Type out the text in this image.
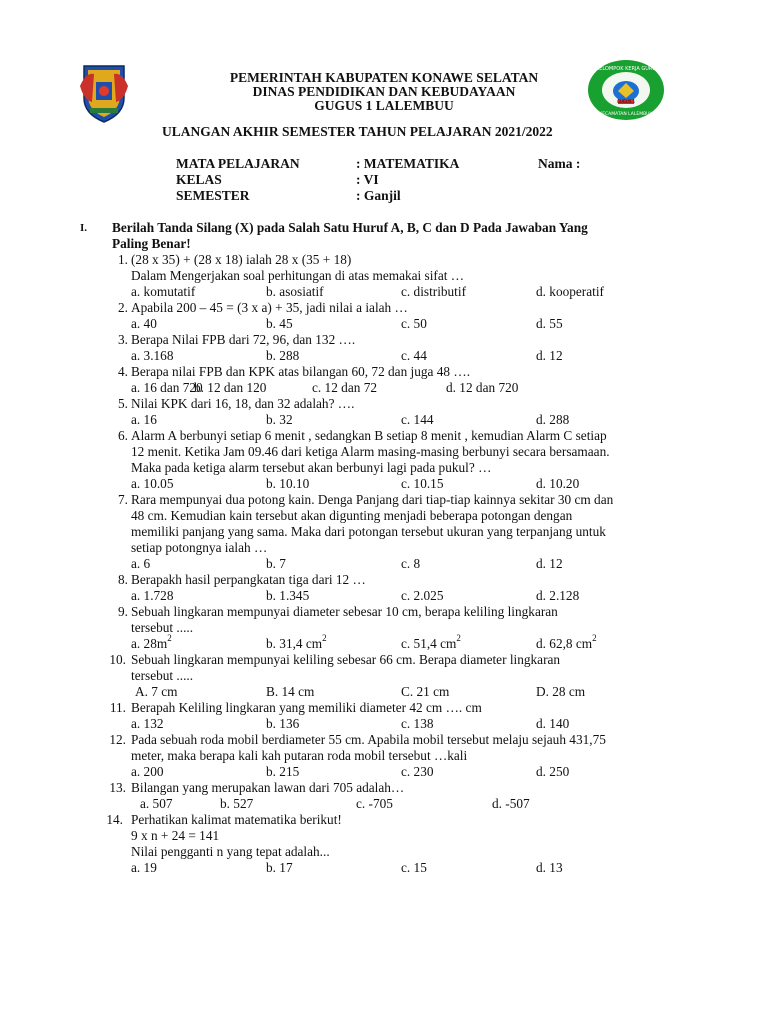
PEMERINTAH KABUPATEN KONAWE SELATAN
DINAS PENDIDIKAN DAN KEBUDAYAAN
GUGUS 1 LALEMBUU
KELOMPOK KERJA GURU
GUGUS 1
KECAMATAN LALEMBUU
ULANGAN AKHIR SEMESTER TAHUN PELAJARAN 2021/2022
MATA PELAJARAN	: MATEMATIKA	Nama :
KELAS	: VI
SEMESTER	: Ganjil
I. Berilah Tanda Silang (X) pada Salah Satu Huruf A, B, C dan D Pada Jawaban Yang
Paling Benar!
1. (28 x 35) + (28 x 18) ialah 28 x (35 + 18)
Dalam Mengerjakan soal perhitungan di atas memakai sifat …
a. komutatif	b. asosiatif	c. distributif	d. kooperatif
2. Apabila 200 – 45 = (3 x a) + 35, jadi nilai a ialah …
a. 40	b. 45	c. 50	d. 55
3. Berapa Nilai FPB dari 72, 96, dan 132 ….
a. 3.168	b. 288	c. 44	d. 12
4. Berapa nilai FPB dan KPK atas bilangan 60, 72 dan juga 48 ….
a. 16 dan 720
b. 12 dan 120	c. 12 dan 72	d. 12 dan 720
5. Nilai KPK dari 16, 18, dan 32 adalah? ….
a. 16	b. 32	c. 144	d. 288
6. Alarm A berbunyi setiap 6 menit , sedangkan B setiap 8 menit , kemudian Alarm C setiap
12 menit. Ketika Jam 09.46 dari ketiga Alarm masing-masing berbunyi secara bersamaan.
Maka pada ketiga alarm tersebut akan berbunyi lagi pada pukul? …
a. 10.05	b. 10.10	c. 10.15	d. 10.20
7. Rara mempunyai dua potong kain. Denga Panjang dari tiap-tiap kainnya sekitar 30 cm dan
48 cm. Kemudian kain tersebut akan digunting menjadi beberapa potongan dengan
memiliki panjang yang sama. Maka dari potongan tersebut ukuran yang terpanjang untuk
setiap potongnya ialah …
a. 6	b. 7	c. 8	d. 12
8. Berapakh hasil perpangkatan tiga dari 12 …
a. 1.728	b. 1.345	c. 2.025	d. 2.128
9. Sebuah lingkaran mempunyai diameter sebesar 10 cm, berapa keliling lingkaran
tersebut .....
a. $28m^2$	b. 31,4 $cm^2$	c. 51,4 $cm^2$	d. 62,8 $cm^2$
10. Sebuah lingkaran mempunyai keliling sebesar 66 cm. Berapa diameter lingkaran
tersebut .....
A. 7 cm	B. 14 cm	C. 21 cm	D. 28 cm
11. Berapah Keliling lingkaran yang memiliki diameter 42 cm …. cm
a. 132	b. 136	c. 138	d. 140
12. Pada sebuah roda mobil berdiameter 55 cm. Apabila mobil tersebut melaju sejauh 431,75
meter, maka berapa kali kah putaran roda mobil tersebut …kali
a. 200	b. 215	c. 230	d. 250
13. Bilangan yang merupakan lawan dari 705 adalah…
a. 507	b. 527	c. -705	d. -507
14. Perhatikan kalimat matematika berikut!
9 x n + 24 = 141
Nilai pengganti n yang tepat adalah...
a. 19	b. 17	c. 15	d. 13
